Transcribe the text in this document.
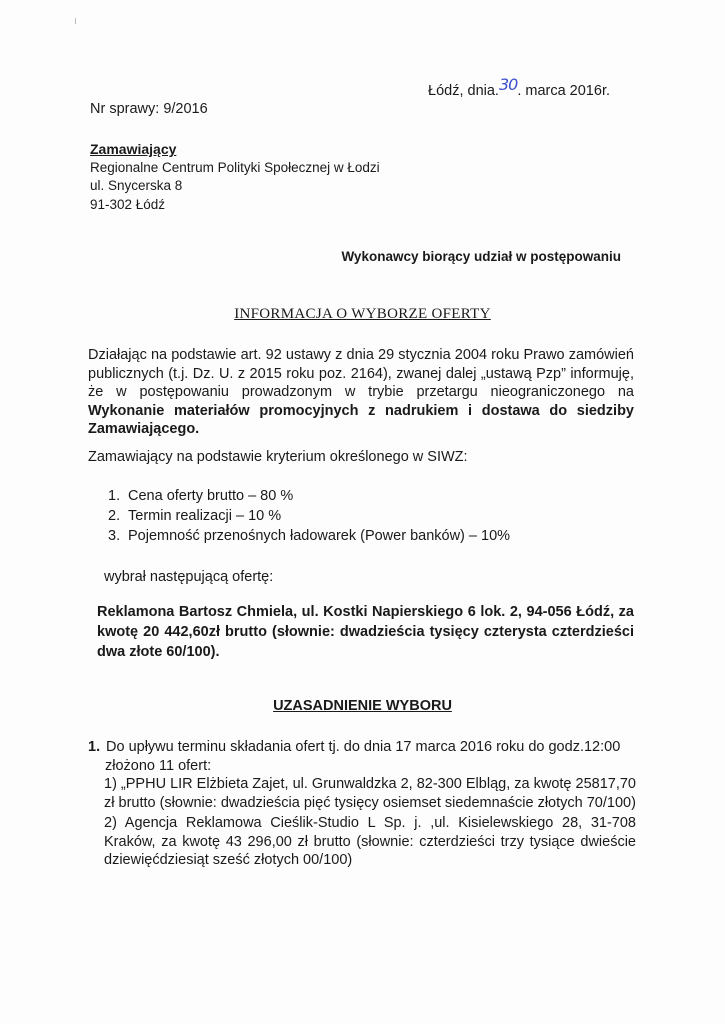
Łódź, dnia.30. marca 2016r.
Nr sprawy: 9/2016
Zamawiający
Regionalne Centrum Polityki Społecznej w Łodzi
ul. Snycerska 8
91-302 Łódź
Wykonawcy biorący udział w postępowaniu
INFORMACJA O WYBORZE OFERTY
Działając na podstawie art. 92 ustawy z dnia 29 stycznia 2004 roku Prawo zamówień publicznych (t.j. Dz. U. z 2015 roku poz. 2164), zwanej dalej „ustawą Pzp” informuję, że w postępowaniu prowadzonym w trybie przetargu nieograniczonego na Wykonanie materiałów promocyjnych z nadrukiem i dostawa do siedziby Zamawiającego.
Zamawiający na podstawie kryterium określonego w SIWZ:
1. Cena oferty brutto – 80 %
2. Termin realizacji – 10 %
3. Pojemność przenośnych ładowarek (Power banków) – 10%
wybrał następującą ofertę:
Reklamona Bartosz Chmiela, ul. Kostki Napierskiego 6 lok. 2, 94-056 Łódź, za kwotę 20 442,60zł brutto (słownie: dwadzieścia tysięcy czterysta czterdzieści dwa złote 60/100).
UZASADNIENIE WYBORU
1. Do upływu terminu składania ofert tj. do dnia 17 marca 2016 roku do godz.12:00
złożono 11 ofert:
1) „PPHU LIR Elżbieta Zajet, ul. Grunwaldzka 2, 82-300 Elbląg, za kwotę 25817,70 zł brutto (słownie: dwadzieścia pięć tysięcy osiemset siedemnaście złotych 70/100)
2) Agencja Reklamowa Cieślik-Studio L Sp. j. ,ul. Kisielewskiego 28, 31-708 Kraków, za kwotę 43 296,00 zł brutto (słownie: czterdzieści trzy tysiące dwieście dziewięćdziesiąt sześć złotych 00/100)
